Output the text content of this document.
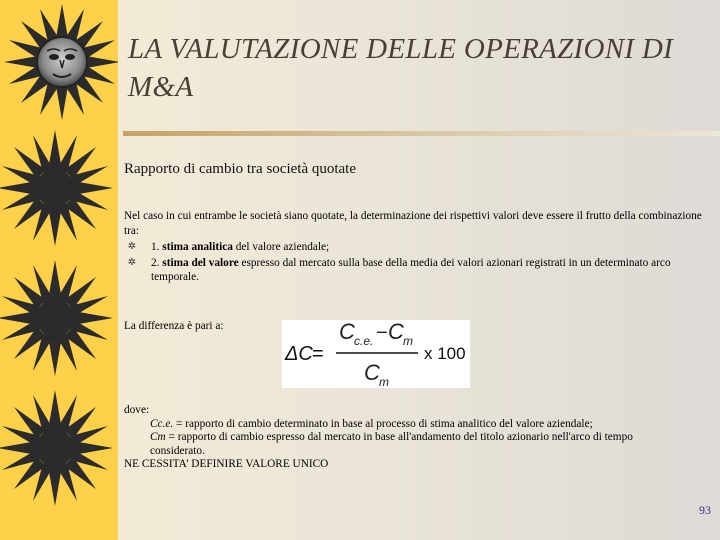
LA VALUTAZIONE DELLE OPERAZIONI DI M&A
Rapporto di cambio tra società quotate

Nel caso in cui entrambe le società siano quotate, la determinazione dei rispettivi valori deve essere il frutto della combinazione tra:

✲ 1. stima analitica del valore aziendale;
✲ 2. stima del valore espresso dal mercato sulla base della media dei valori azionari registrati in un determinato arco temporale.
La differenza è pari a:
ΔC =
C c.e. − C m
C m
x 100
dove:
Cc.e. = rapporto di cambio determinato in base al processo di stima analitico del valore aziendale;
Cm = rapporto di cambio espresso dal mercato in base all'andamento del titolo azionario nell'arco di tempo
considerato.
NE CESSITA’ DEFINIRE VALORE UNICO
93
